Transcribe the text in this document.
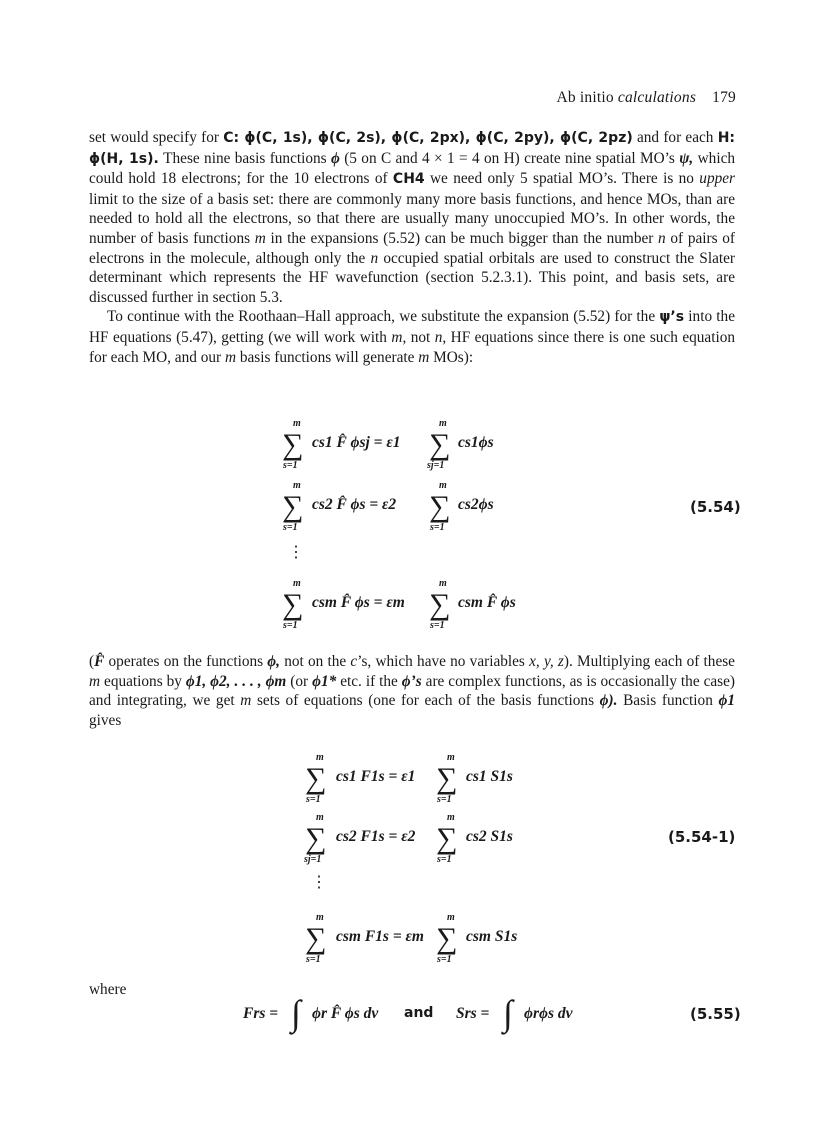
Ab initio calculations 179

set would specify for C: ϕ(C, 1s), ϕ(C, 2s), ϕ(C, 2px), ϕ(C, 2py), ϕ(C, 2pz) and for each H: ϕ(H, 1s). These nine basis functions ϕ (5 on C and 4 × 1 = 4 on H) create nine spatial MO’s ψ, which could hold 18 electrons; for the 10 electrons of CH4 we need only 5 spatial MO’s. There is no upper limit to the size of a basis set: there are commonly many more basis functions, and hence MOs, than are needed to hold all the electrons, so that there are usually many unoccupied MO’s. In other words, the number of basis functions m in the expansions (5.52) can be much bigger than the number n of pairs of electrons in the molecule, although only the n occupied spatial orbitals are used to construct the Slater determinant which represents the HF wavefunction (section 5.2.3.1). This point, and basis sets, are discussed further in section 5.3.

To continue with the Roothaan–Hall approach, we substitute the expansion (5.52) for the ψ’s into the HF equations (5.47), getting (we will work with m, not n, HF equations since there is one such equation for each MO, and our m basis functions will generate m MOs):

m
∑
s=1
cs1 F̂ ϕsj = ε1
m
∑
sj=1
cs1ϕs
m
∑
s=1
cs2 F̂ ϕs = ε2
m
∑
s=1
cs2ϕs	(5.54)
⋮
m
∑
s=1
csm F̂ ϕs = εm
m
∑
s=1
csm F̂ ϕs

(F̂ operates on the functions ϕ, not on the c’s, which have no variables x, y, z). Multiplying each of these m equations by ϕ1, ϕ2, . . . , ϕm (or ϕ1* etc. if the ϕ’s are complex functions, as is occasionally the case) and integrating, we get m sets of equations (one for each of the basis functions ϕ). Basis function ϕ1 gives

m
∑
s=1
cs1 F1s = ε1
m
∑
s=1
cs1 S1s
m
∑
sj=1
cs2 F1s = ε2
m
∑
s=1
cs2 S1s	(5.54-1)
⋮
m
∑
s=1
csm F1s = εm
m
∑
s=1
csm S1s
where
Frs = ∫ ϕr F̂ ϕs dv and Srs = ∫ ϕrϕs dv	(5.55)
